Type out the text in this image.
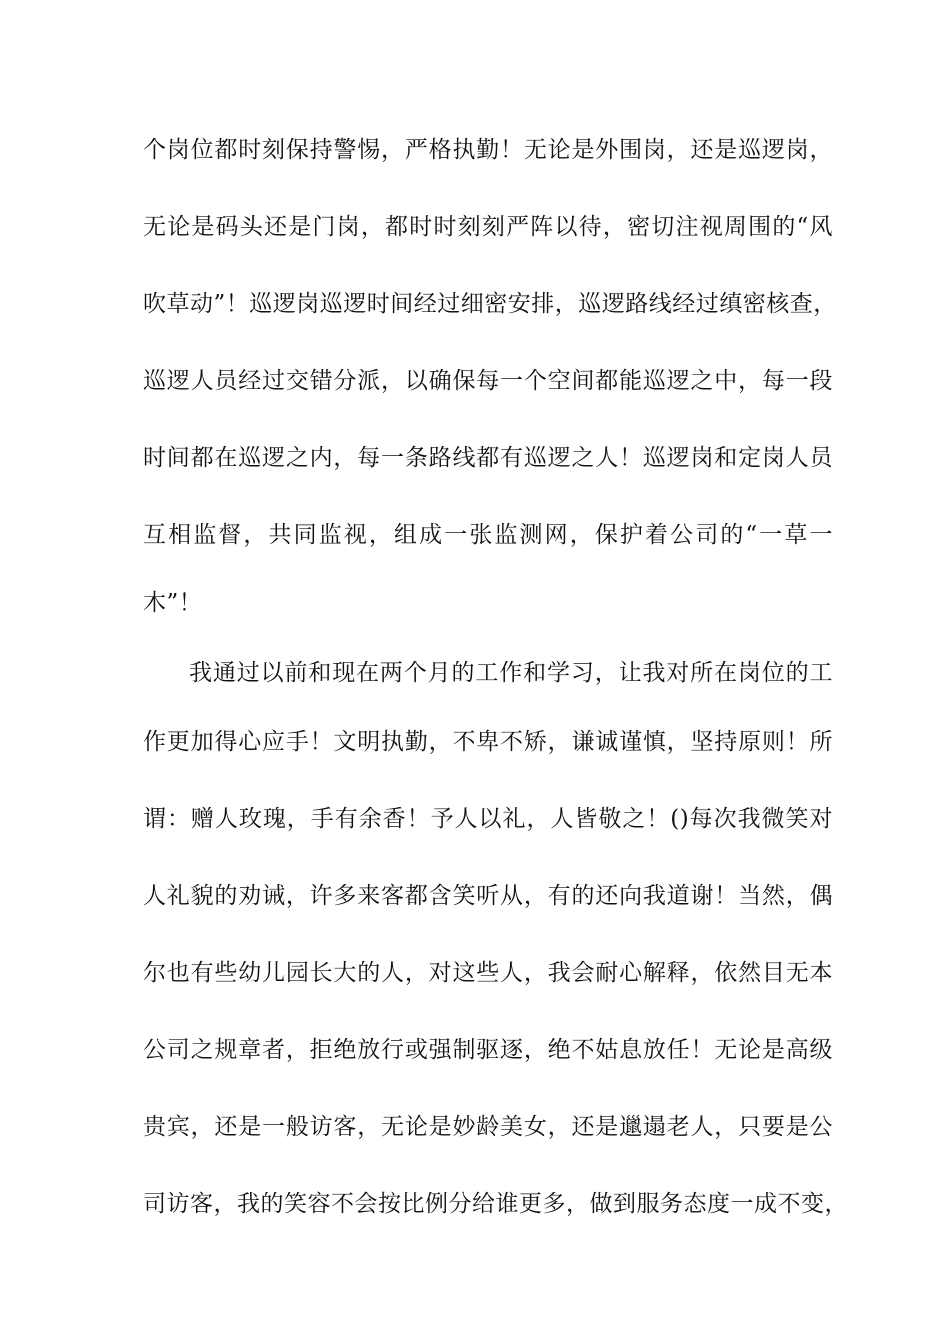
个岗位都时刻保持警惕，严格执勤！无论是外围岗，还是巡逻岗，
无论是码头还是门岗，都时时刻刻严阵以待，密切注视周围的“风
吹草动”！巡逻岗巡逻时间经过细密安排，巡逻路线经过缜密核查，
巡逻人员经过交错分派，以确保每一个空间都能巡逻之中，每一段
时间都在巡逻之内，每一条路线都有巡逻之人！巡逻岗和定岗人员
互相监督，共同监视，组成一张监测网，保护着公司的“一草一
木”！
我通过以前和现在两个月的工作和学习，让我对所在岗位的工
作更加得心应手！文明执勤，不卑不矫，谦诚谨慎，坚持原则！所
谓：赠人玫瑰，手有余香！予人以礼，人皆敬之！()每次我微笑对
人礼貌的劝诫，许多来客都含笑听从，有的还向我道谢！当然，偶
尔也有些幼儿园长大的人，对这些人，我会耐心解释，依然目无本
公司之规章者，拒绝放行或强制驱逐，绝不姑息放任！无论是高级
贵宾，还是一般访客，无论是妙龄美女，还是邋遢老人，只要是公
司访客，我的笑容不会按比例分给谁更多，做到服务态度一成不变，
